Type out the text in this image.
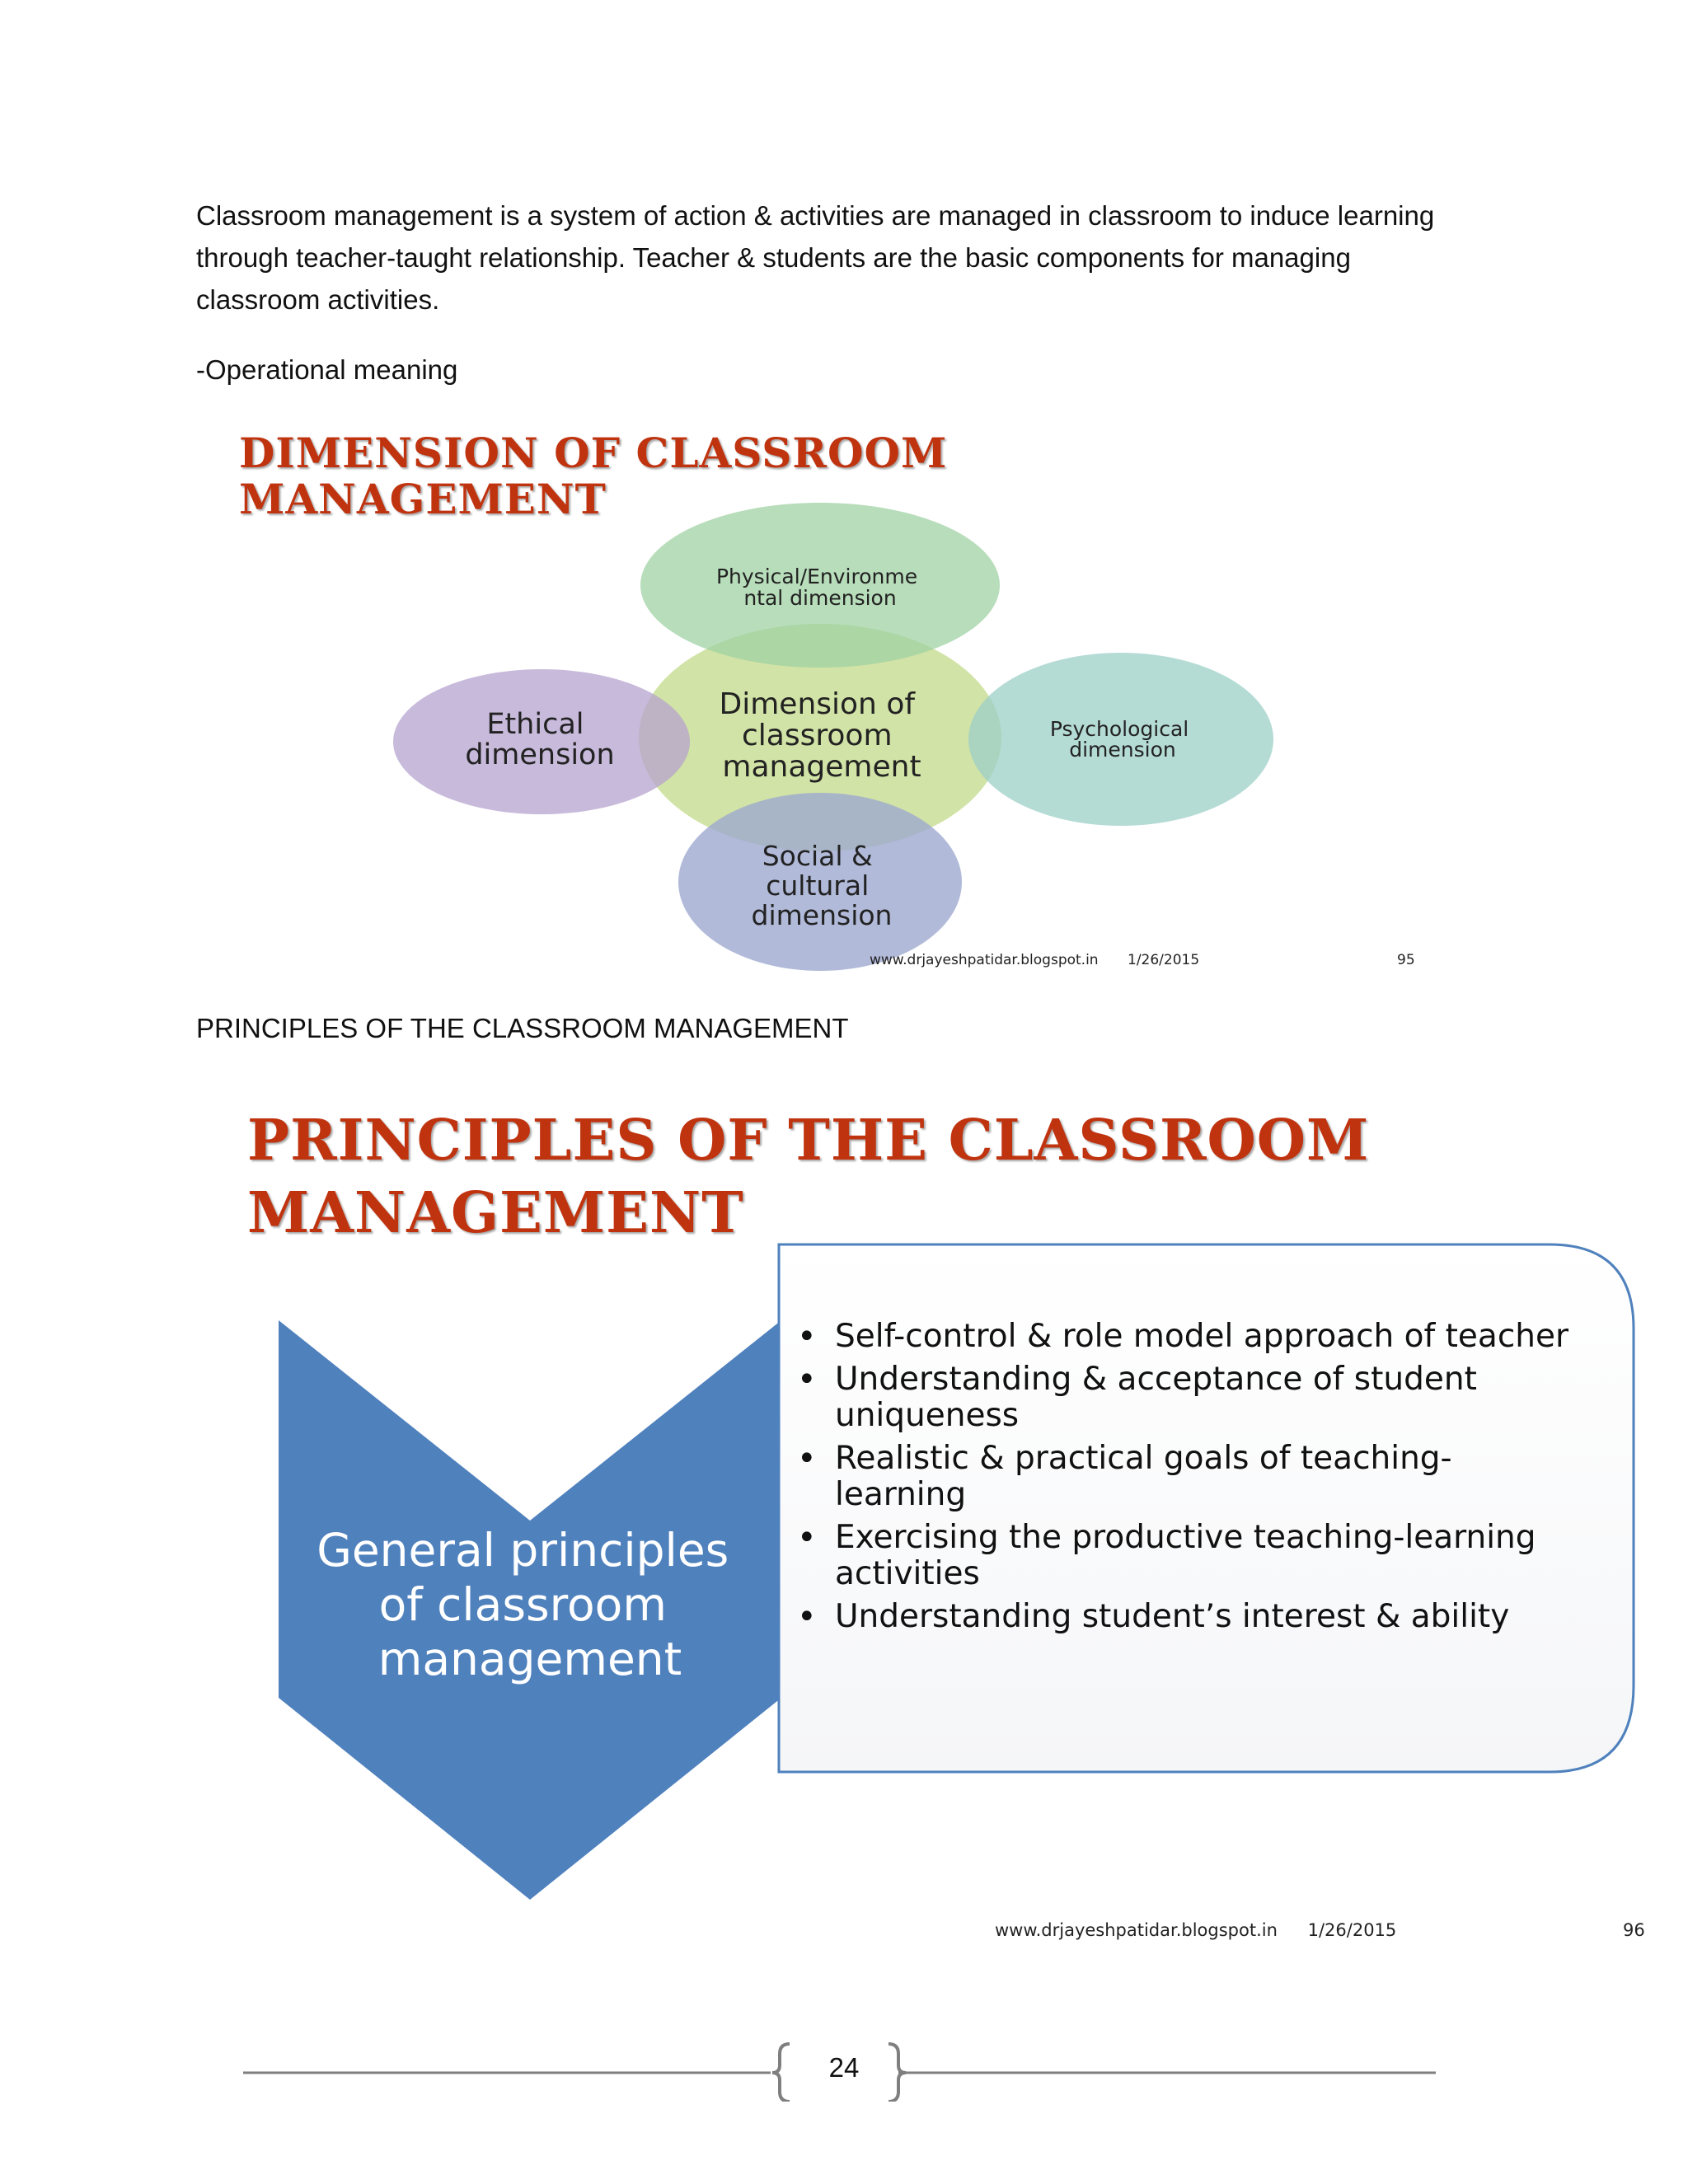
Classroom management is a system of action & activities are managed in classroom to induce learning
through teacher-taught relationship. Teacher & students are the basic components for managing
classroom activities.

-Operational meaning

DIMENSION OF CLASSROOM
MANAGEMENT
Dimension of classroom management
Physical/Environme ntal dimension
Ethical dimension
Psychological dimension
Social & cultural dimension
www.drjayeshpatidar.blogspot.in 1/26/2015	95

PRINCIPLES OF THE CLASSROOM MANAGEMENT

PRINCIPLES OF THE CLASSROOM
MANAGEMENT
General principles of classroom management
• Self-control & role model approach of teacher
• Understanding & acceptance of student uniqueness
• Realistic & practical goals of teaching-learning
• Exercising the productive teaching-learning activities
• Understanding student’s interest & ability
www.drjayeshpatidar.blogspot.in 1/26/2015	96
24
